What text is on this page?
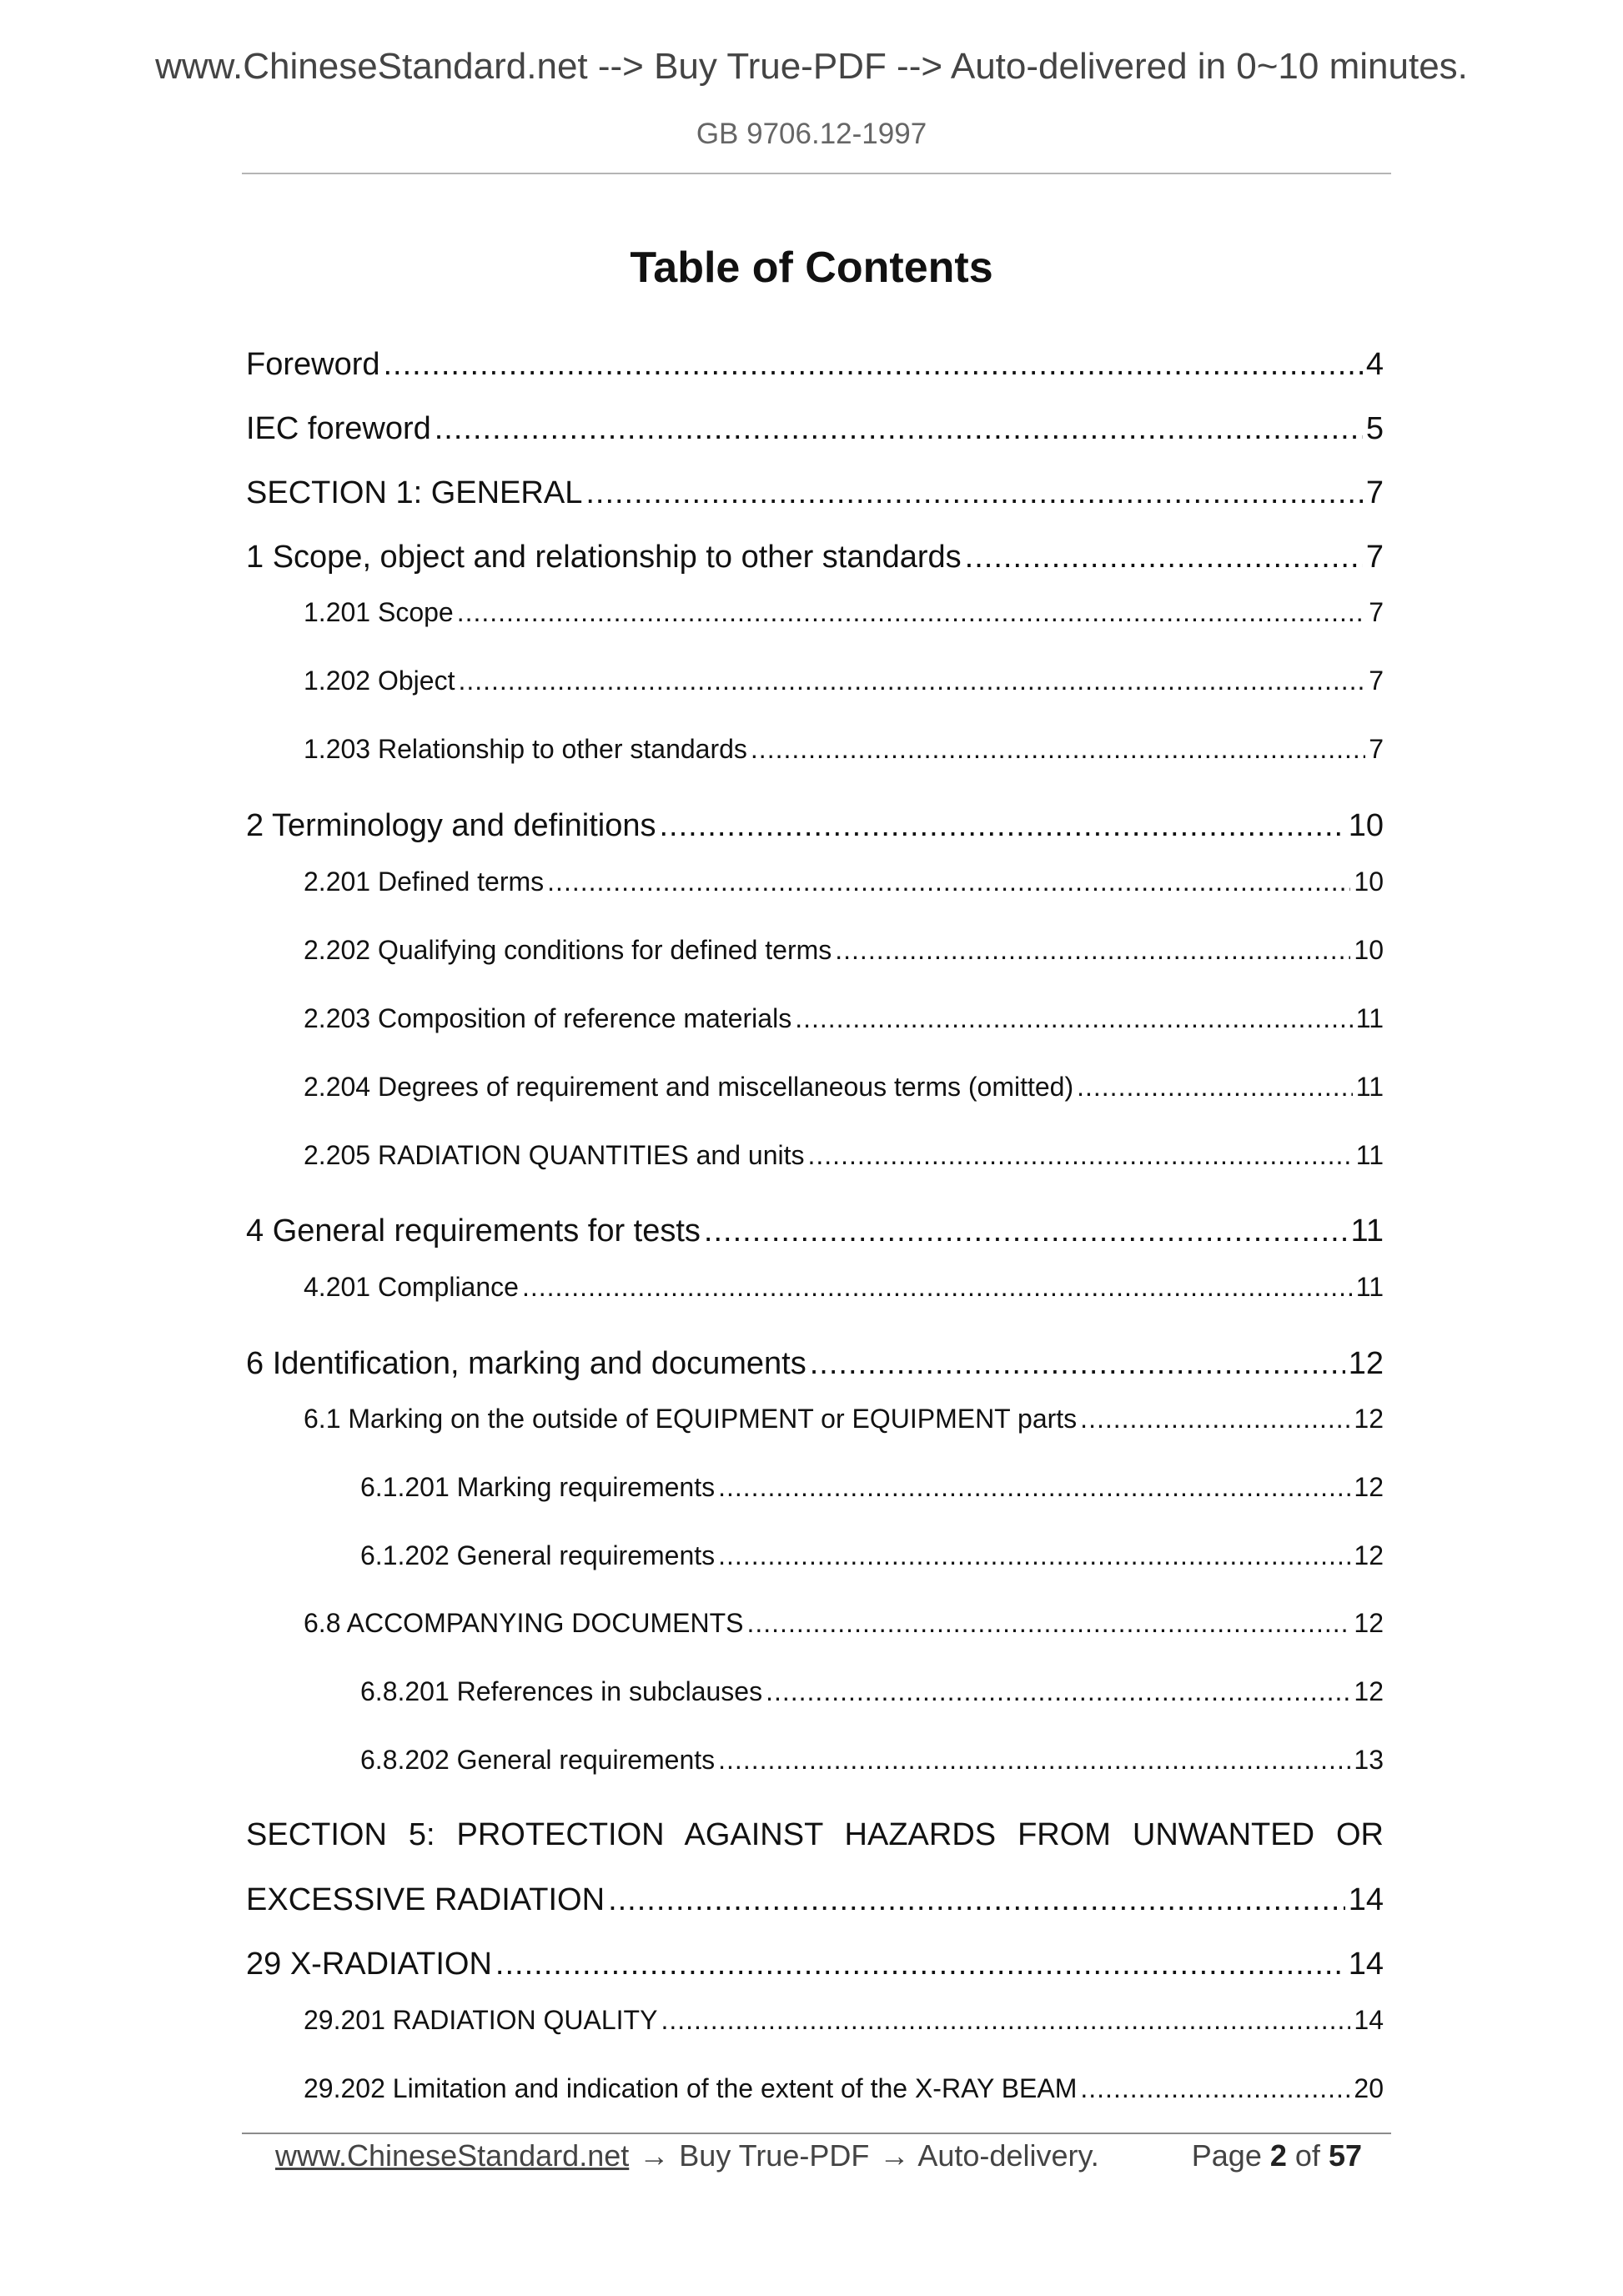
www.ChineseStandard.net --> Buy True-PDF --> Auto-delivered in 0~10 minutes.
GB 9706.12-1997
Table of Contents
Foreword .....	4
IEC foreword .....	5
SECTION 1: GENERAL .....	7
1 Scope, object and relationship to other standards .....	7
1.201 Scope .....	7
1.202 Object .....	7
1.203 Relationship to other standards .....	7
2 Terminology and definitions .....	10
2.201 Defined terms .....	10
2.202 Qualifying conditions for defined terms .....	10
2.203 Composition of reference materials .....	11
2.204 Degrees of requirement and miscellaneous terms (omitted) .....	11
2.205 RADIATION QUANTITIES and units .....	11
4 General requirements for tests .....	11
4.201 Compliance .....	11
6 Identification, marking and documents .....	12
6.1 Marking on the outside of EQUIPMENT or EQUIPMENT parts .....	12
6.1.201 Marking requirements .....	12
6.1.202 General requirements .....	12
6.8 ACCOMPANYING DOCUMENTS .....	12
6.8.201 References in subclauses .....	12
6.8.202 General requirements .....	13
SECTION 5: PROTECTION AGAINST HAZARDS FROM UNWANTED OR
EXCESSIVE RADIATION .....	14
29 X-RADIATION .....	14
29.201 RADIATION QUALITY .....	14
29.202 Limitation and indication of the extent of the X-RAY BEAM .....	20
www.ChineseStandard.net → Buy True-PDF → Auto-delivery.	Page 2 of 57
